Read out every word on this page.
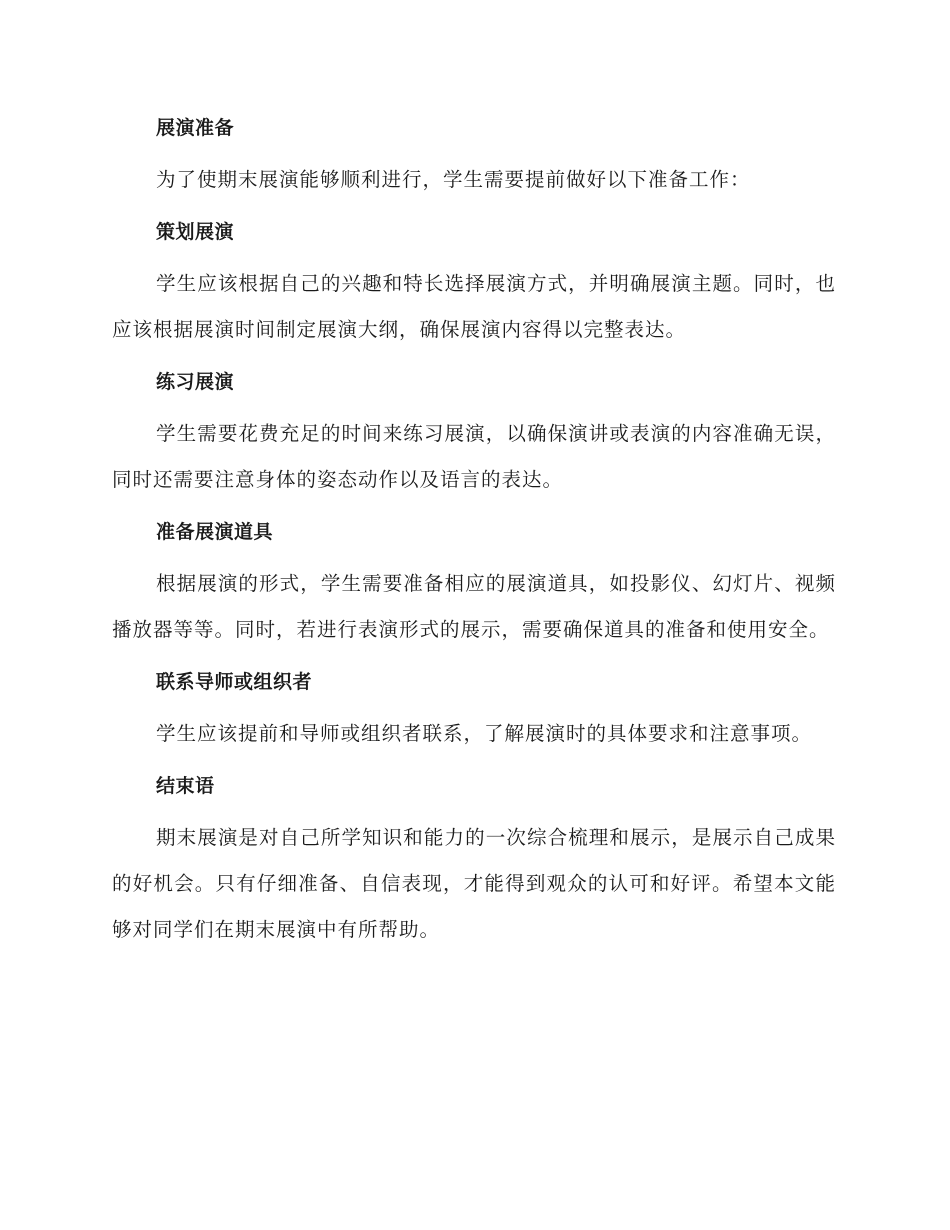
展演准备
为了使期末展演能够顺利进行，学生需要提前做好以下准备工作：
策划展演
学生应该根据自己的兴趣和特长选择展演方式，并明确展演主题。同时，也应该根据展演时间制定展演大纲，确保展演内容得以完整表达。
练习展演
学生需要花费充足的时间来练习展演，以确保演讲或表演的内容准确无误，同时还需要注意身体的姿态动作以及语言的表达。
准备展演道具
根据展演的形式，学生需要准备相应的展演道具，如投影仪、幻灯片、视频播放器等等。同时，若进行表演形式的展示，需要确保道具的准备和使用安全。
联系导师或组织者
学生应该提前和导师或组织者联系，了解展演时的具体要求和注意事项。
结束语
期末展演是对自己所学知识和能力的一次综合梳理和展示，是展示自己成果的好机会。只有仔细准备、自信表现，才能得到观众的认可和好评。希望本文能够对同学们在期末展演中有所帮助。
